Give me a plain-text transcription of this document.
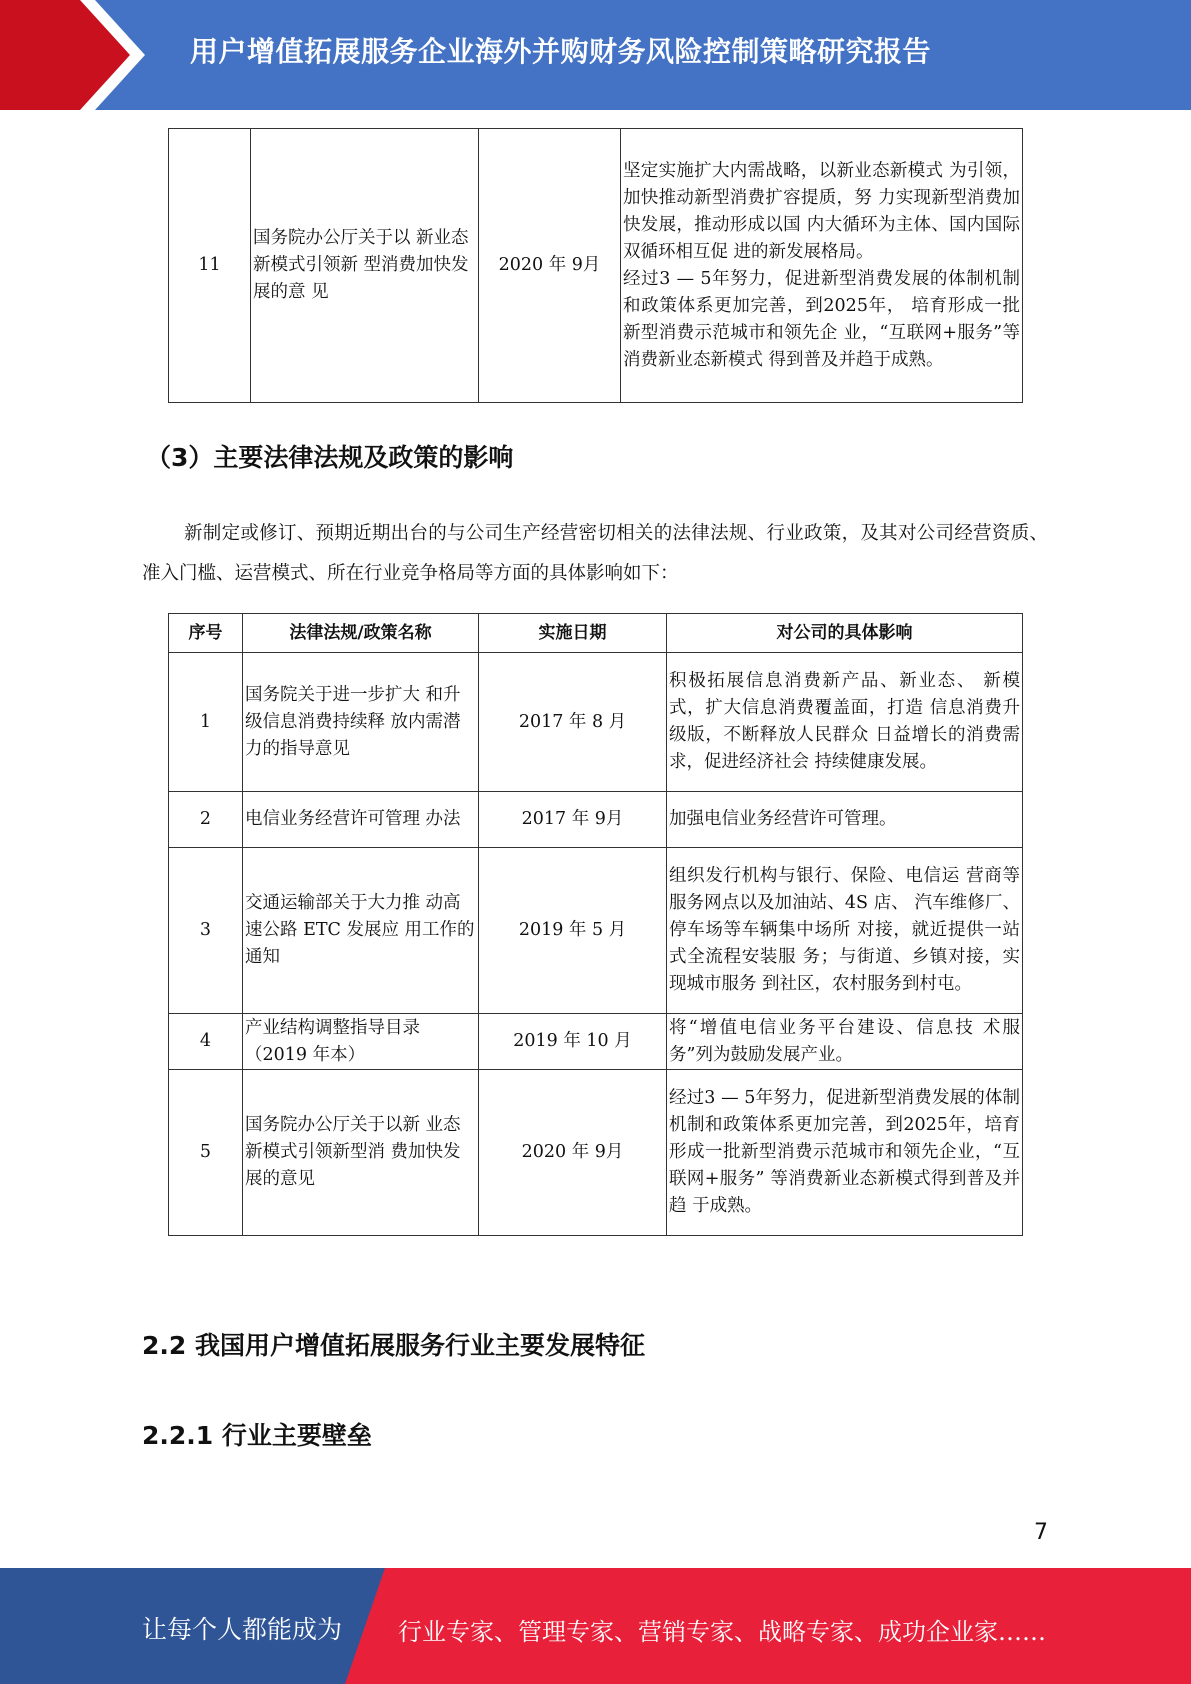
用户增值拓展服务企业海外并购财务风险控制策略研究报告
11	国务院办公厅关于以 新业态新模式引领新 型消费加快发展的意 见	2020 年 9月	坚定实施扩大内需战略，以新业态新模式 为引领，加快推动新型消费扩容提质，努 力实现新型消费加快发展，推动形成以国 内大循环为主体、国内国际双循环相互促 进的新发展格局。
经过3 — 5年努力，促进新型消费发展的体制机制和政策体系更加完善，到2025年， 培育形成一批新型消费示范城市和领先企 业，“互联网+服务”等消费新业态新模式 得到普及并趋于成熟。
（3）主要法律法规及政策的影响
新制定或修订、预期近期出台的与公司生产经营密切相关的法律法规、行业政策，及其对公司经营资质、准入门槛、运营模式、所在行业竞争格局等方面的具体影响如下：
序号	法律法规/政策名称	实施日期	对公司的具体影响
1	国务院关于进一步扩大 和升级信息消费持续释 放内需潜力的指导意见	2017 年 8 月	积极拓展信息消费新产品、新业态、 新模式，扩大信息消费覆盖面，打造 信息消费升级版，不断释放人民群众 日益增长的消费需求，促进经济社会 持续健康发展。
2	电信业务经营许可管理 办法	2017 年 9月	加强电信业务经营许可管理。
3	交通运输部关于大力推 动高速公路 ETC 发展应 用工作的通知	2019 年 5 月	组织发行机构与银行、保险、电信运 营商等服务网点以及加油站、4S 店、 汽车维修厂、停车场等车辆集中场所 对接，就近提供一站式全流程安装服 务；与街道、乡镇对接，实现城市服务 到社区，农村服务到村屯。
4	产业结构调整指导目录（2019 年本）	2019 年 10 月	将“增值电信业务平台建设、信息技 术服务”列为鼓励发展产业。
5	国务院办公厅关于以新 业态新模式引领新型消 费加快发展的意见	2020 年 9月	经过3 — 5年努力，促进新型消费发展的体制机制和政策体系更加完善，到2025年，培育形成一批新型消费示范城市和领先企业，“互联网+服务” 等消费新业态新模式得到普及并趋 于成熟。
2.2 我国用户增值拓展服务行业主要发展特征
2.2.1 行业主要壁垒
7
让每个人都能成为 行业专家、管理专家、营销专家、战略专家、成功企业家……
